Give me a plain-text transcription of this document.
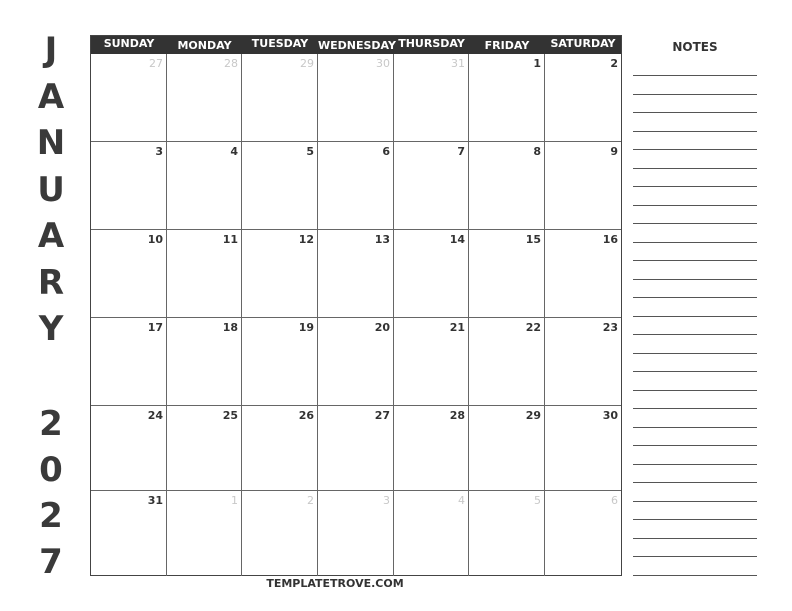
J
A
N
U
A
R
Y
2
0
2
7
SUNDAY	MONDAY	TUESDAY WEDNESDAY THURSDAY	FRIDAY	SATURDAY
27	28	29	30	31	1	2
3	4	5	6	7	8	9
10	11	12	13	14	15	16
17	18	19	20	21	22	23
24	25	26	27	28	29	30
31	1	2	3	4	5	6
NOTES
TEMPLATETROVE.COM
